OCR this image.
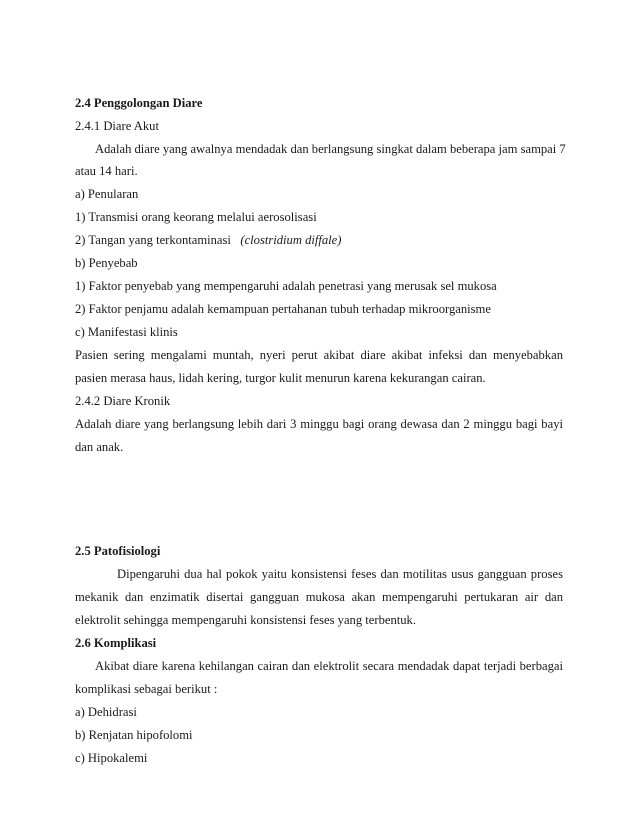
2.4 Penggolongan Diare
2.4.1 Diare Akut
Adalah diare yang awalnya mendadak dan berlangsung singkat dalam beberapa jam sampai 7
atau 14 hari.
a) Penularan
1) Transmisi orang keorang melalui aerosolisasi
2) Tangan yang terkontaminasi (clostridium diffale)
b) Penyebab
1) Faktor penyebab yang mempengaruhi adalah penetrasi yang merusak sel mukosa
2) Faktor penjamu adalah kemampuan pertahanan tubuh terhadap mikroorganisme
c) Manifestasi klinis
Pasien sering mengalami muntah, nyeri perut akibat diare akibat infeksi dan menyebabkan
pasien merasa haus, lidah kering, turgor kulit menurun karena kekurangan cairan.
2.4.2 Diare Kronik
Adalah diare yang berlangsung lebih dari 3 minggu bagi orang dewasa dan 2 minggu bagi bayi
dan anak.
2.5 Patofisiologi
Dipengaruhi dua hal pokok yaitu konsistensi feses dan motilitas usus gangguan proses
mekanik dan enzimatik disertai gangguan mukosa akan mempengaruhi pertukaran air dan
elektrolit sehingga mempengaruhi konsistensi feses yang terbentuk.
2.6 Komplikasi
Akibat diare karena kehilangan cairan dan elektrolit secara mendadak dapat terjadi berbagai
komplikasi sebagai berikut :
a) Dehidrasi
b) Renjatan hipofolomi
c) Hipokalemi
